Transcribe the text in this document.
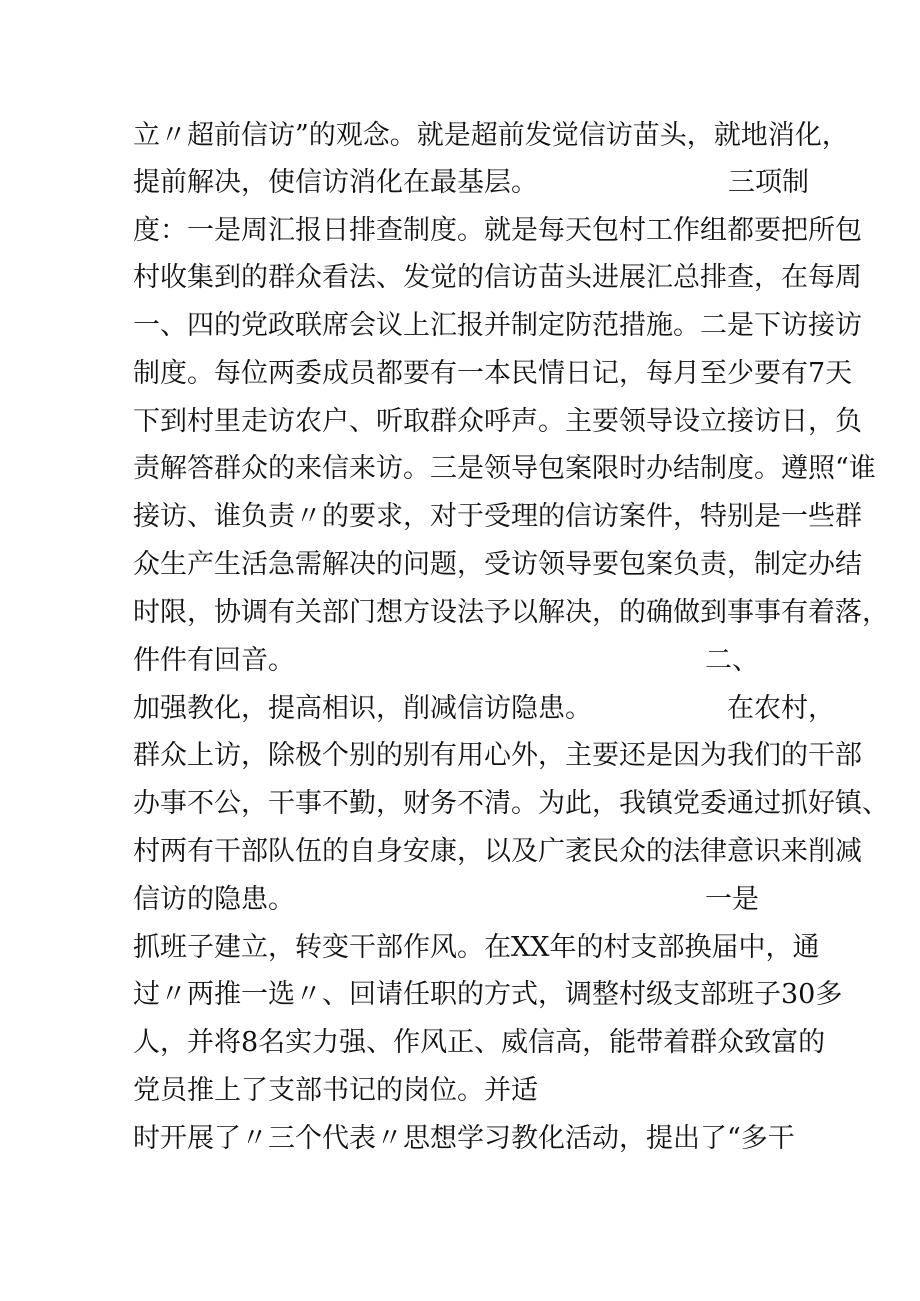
立〃超前信访”的观念。就是超前发觉信访苗头，就地消化，
提前解决，使信访消化在最基层。	三项制
度：一是周汇报日排查制度。就是每天包村工作组都要把所包
村收集到的群众看法、发觉的信访苗头进展汇总排查，在每周
一、四的党政联席会议上汇报并制定防范措施。二是下访接访
制度。每位两委成员都要有一本民情日记，每月至少要有7天
下到村里走访农户、听取群众呼声。主要领导设立接访日，负
责解答群众的来信来访。三是领导包案限时办结制度。遵照“谁
接访、谁负责〃的要求，对于受理的信访案件，特别是一些群
众生产生活急需解决的问题，受访领导要包案负责，制定办结
时限，协调有关部门想方设法予以解决，的确做到事事有着落，
件件有回音。	二、
加强教化，提高相识，削减信访隐患。	在农村，
群众上访，除极个别的别有用心外，主要还是因为我们的干部
办事不公，干事不勤，财务不清。为此，我镇党委通过抓好镇、
村两有干部队伍的自身安康，以及广袤民众的法律意识来削减
信访的隐患。	一是
抓班子建立，转变干部作风。在XX年的村支部换届中，通
过〃两推一选〃、回请任职的方式，调整村级支部班子30多
人，并将8名实力强、作风正、威信高，能带着群众致富的
党员推上了支部书记的岗位。并适
时开展了〃三个代表〃思想学习教化活动，提出了“多干
